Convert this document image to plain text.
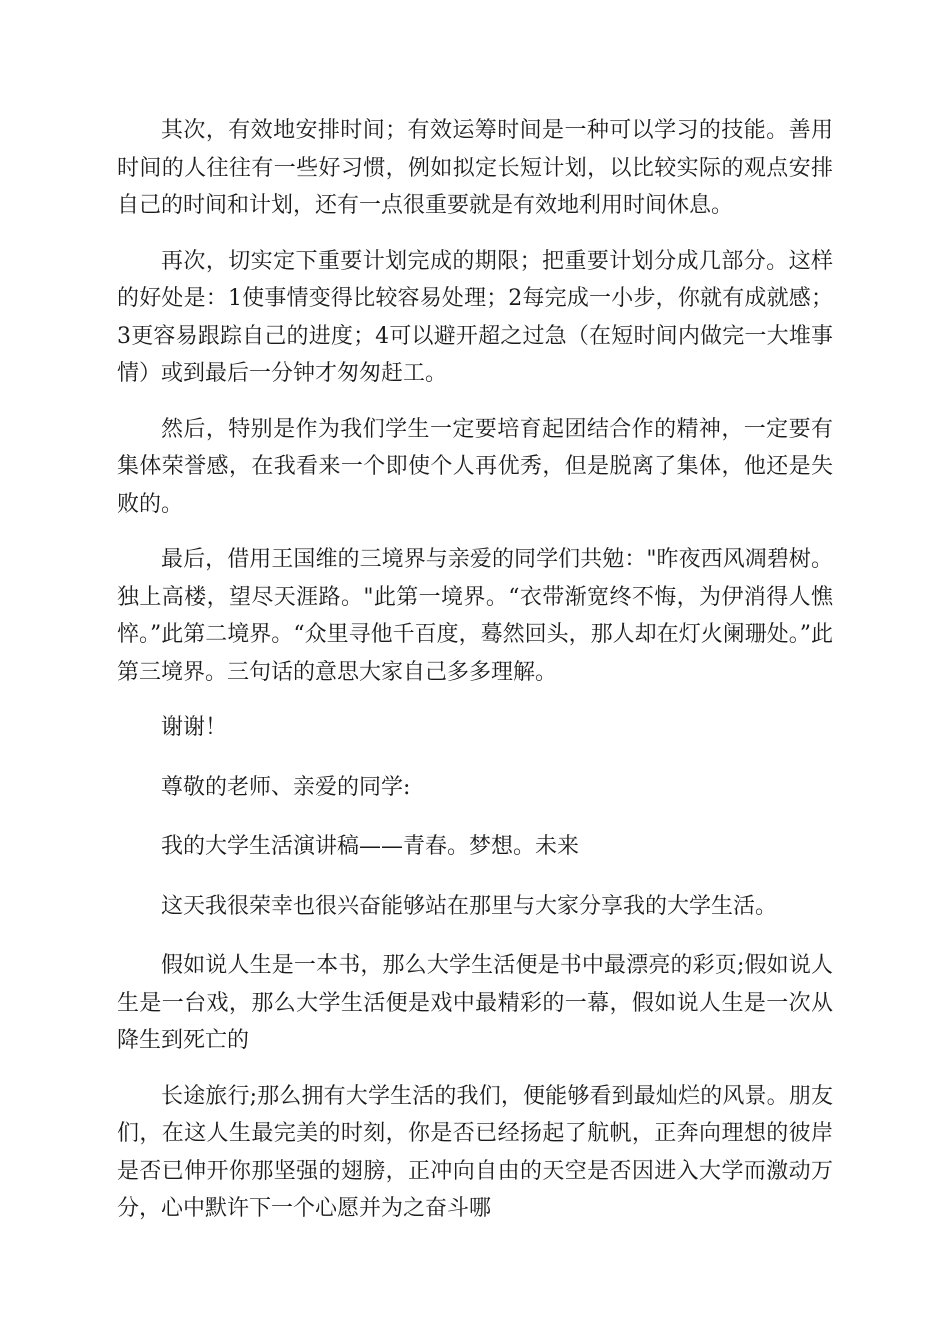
其次，有效地安排时间；有效运筹时间是一种可以学习的技能。善用时间的人往往有一些好习惯，例如拟定长短计划，以比较实际的观点安排自己的时间和计划，还有一点很重要就是有效地利用时间休息。

再次，切实定下重要计划完成的期限；把重要计划分成几部分。这样的好处是：1使事情变得比较容易处理；2每完成一小步，你就有成就感；3更容易跟踪自己的进度；4可以避开超之过急（在短时间内做完一大堆事情）或到最后一分钟才匆匆赶工。

然后，特别是作为我们学生一定要培育起团结合作的精神，一定要有集体荣誉感，在我看来一个即使个人再优秀，但是脱离了集体，他还是失败的。

最后，借用王国维的三境界与亲爱的同学们共勉："昨夜西风凋碧树。独上高楼，望尽天涯路。"此第一境界。“衣带渐宽终不悔，为伊消得人憔悴。”此第二境界。“众里寻他千百度，蓦然回头，那人却在灯火阑珊处。”此第三境界。三句话的意思大家自己多多理解。

谢谢！

尊敬的老师、亲爱的同学:

我的大学生活演讲稿——青春。梦想。未来

这天我很荣幸也很兴奋能够站在那里与大家分享我的大学生活。

假如说人生是一本书，那么大学生活便是书中最漂亮的彩页;假如说人生是一台戏，那么大学生活便是戏中最精彩的一幕，假如说人生是一次从降生到死亡的

长途旅行;那么拥有大学生活的我们，便能够看到最灿烂的风景。朋友们，在这人生最完美的时刻，你是否已经扬起了航帆，正奔向理想的彼岸是否已伸开你那坚强的翅膀，正冲向自由的天空是否因进入大学而激动万分，心中默许下一个心愿并为之奋斗哪
